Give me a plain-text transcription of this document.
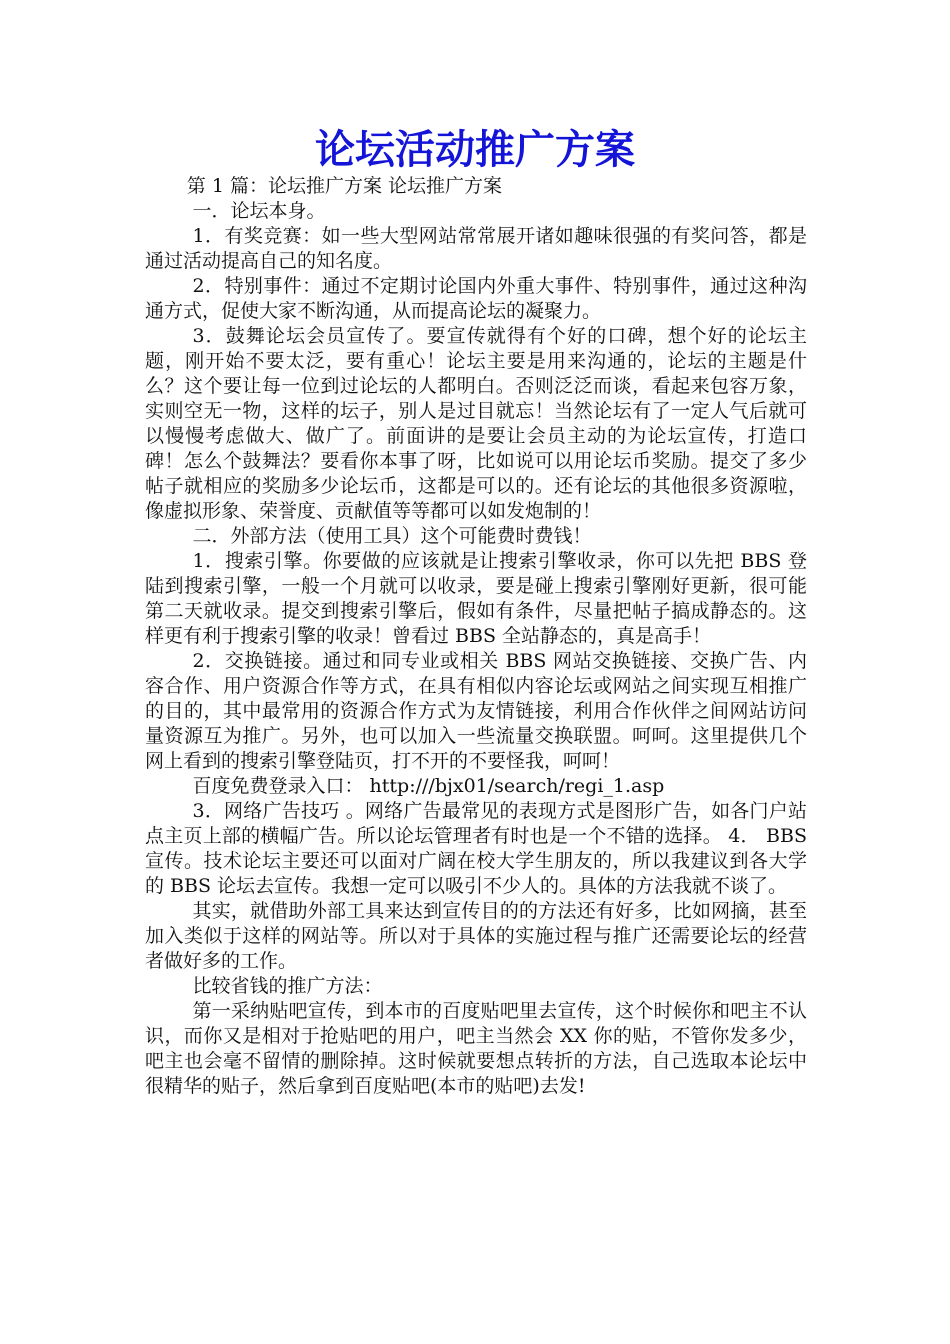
论坛活动推广方案

第 1 篇：论坛推广方案 论坛推广方案

一．论坛本身。

1．有奖竞赛：如一些大型网站常常展开诸如趣味很强的有奖问答，都是通过活动提高自己的知名度。

2．特别事件：通过不定期讨论国内外重大事件、特别事件，通过这种沟通方式，促使大家不断沟通，从而提高论坛的凝聚力。

3．鼓舞论坛会员宣传了。要宣传就得有个好的口碑，想个好的论坛主题，刚开始不要太泛，要有重心！论坛主要是用来沟通的，论坛的主题是什么？这个要让每一位到过论坛的人都明白。否则泛泛而谈，看起来包容万象，实则空无一物，这样的坛子，别人是过目就忘！当然论坛有了一定人气后就可以慢慢考虑做大、做广了。前面讲的是要让会员主动的为论坛宣传，打造口碑！怎么个鼓舞法？要看你本事了呀，比如说可以用论坛币奖励。提交了多少帖子就相应的奖励多少论坛币，这都是可以的。还有论坛的其他很多资源啦，像虚拟形象、荣誉度、贡献值等等都可以如发炮制的！

二．外部方法（使用工具）这个可能费时费钱！

1．搜索引擎。你要做的应该就是让搜索引擎收录，你可以先把 BBS 登陆到搜索引擎，一般一个月就可以收录，要是碰上搜索引擎刚好更新，很可能第二天就收录。提交到搜索引擎后，假如有条件，尽量把帖子搞成静态的。这样更有利于搜索引擎的收录！曾看过 BBS 全站静态的，真是高手！

2．交换链接。通过和同专业或相关 BBS 网站交换链接、交换广告、内容合作、用户资源合作等方式，在具有相似内容论坛或网站之间实现互相推广的目的，其中最常用的资源合作方式为友情链接，利用合作伙伴之间网站访问量资源互为推广。另外，也可以加入一些流量交换联盟。呵呵。这里提供几个网上看到的搜索引擎登陆页，打不开的不要怪我，呵呵！

百度免费登录入口： http:///bjx01/search/regi_1.asp

3．网络广告技巧 。网络广告最常见的表现方式是图形广告，如各门户站点主页上部的横幅广告。所以论坛管理者有时也是一个不错的选择。 4． BBS 宣传。技术论坛主要还可以面对广阔在校大学生朋友的，所以我建议到各大学的 BBS 论坛去宣传。我想一定可以吸引不少人的。具体的方法我就不谈了。

其实，就借助外部工具来达到宣传目的的方法还有好多，比如网摘，甚至加入类似于这样的网站等。所以对于具体的实施过程与推广还需要论坛的经营者做好多的工作。

比较省钱的推广方法：

第一采纳贴吧宣传，到本市的百度贴吧里去宣传，这个时候你和吧主不认识，而你又是相对于抢贴吧的用户，吧主当然会 XX 你的贴，不管你发多少，吧主也会毫不留情的删除掉。这时候就要想点转折的方法，自己选取本论坛中很精华的贴子，然后拿到百度贴吧(本市的贴吧)去发!
